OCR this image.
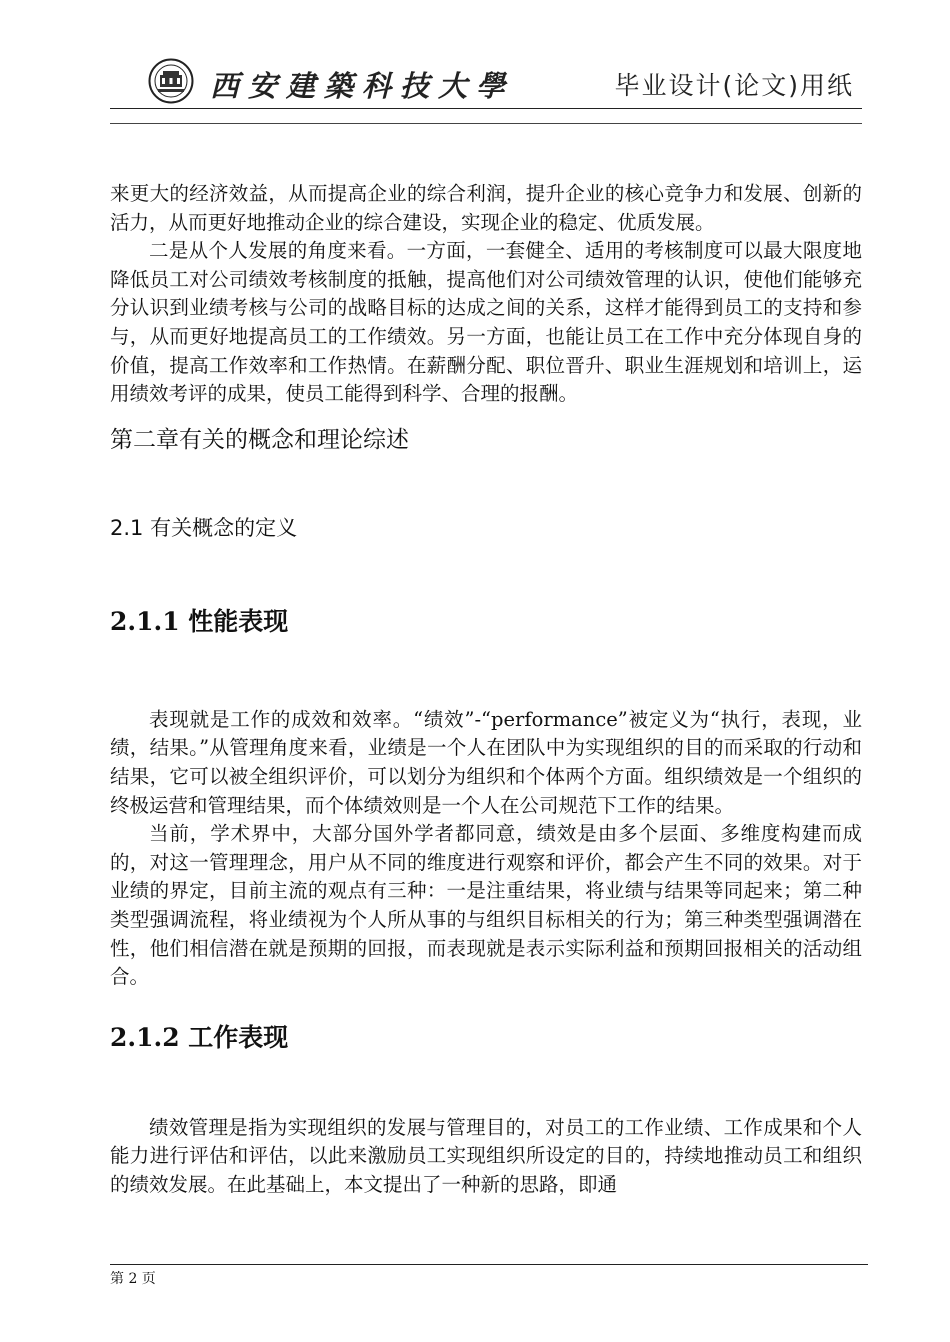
西安建築科技大學	毕业设计(论文)用纸

来更大的经济效益，从而提高企业的综合利润，提升企业的核心竞争力和发展、创新的活力，从而更好地推动企业的综合建设，实现企业的稳定、优质发展。

二是从个人发展的角度来看。一方面，一套健全、适用的考核制度可以最大限度地降低员工对公司绩效考核制度的抵触，提高他们对公司绩效管理的认识，使他们能够充分认识到业绩考核与公司的战略目标的达成之间的关系，这样才能得到员工的支持和参与，从而更好地提高员工的工作绩效。另一方面，也能让员工在工作中充分体现自身的价值，提高工作效率和工作热情。在薪酬分配、职位晋升、职业生涯规划和培训上，运用绩效考评的成果，使员工能得到科学、合理的报酬。

第二章有关的概念和理论综述
2.1 有关概念的定义
2.1.1 性能表现

表现就是工作的成效和效率。“绩效”-“performance”被定义为“执行，表现，业绩，结果。”从管理角度来看，业绩是一个人在团队中为实现组织的目的而采取的行动和结果，它可以被全组织评价，可以划分为组织和个体两个方面。组织绩效是一个组织的终极运营和管理结果，而个体绩效则是一个人在公司规范下工作的结果。

当前，学术界中，大部分国外学者都同意，绩效是由多个层面、多维度构建而成的，对这一管理理念，用户从不同的维度进行观察和评价，都会产生不同的效果。对于业绩的界定，目前主流的观点有三种：一是注重结果，将业绩与结果等同起来；第二种类型强调流程，将业绩视为个人所从事的与组织目标相关的行为；第三种类型强调潜在性，他们相信潜在就是预期的回报，而表现就是表示实际利益和预期回报相关的活动组合。

2.1.2 工作表现

绩效管理是指为实现组织的发展与管理目的，对员工的工作业绩、工作成果和个人能力进行评估和评估，以此来激励员工实现组织所设定的目的，持续地推动员工和组织的绩效发展。在此基础上，本文提出了一种新的思路，即通

第 2 页
